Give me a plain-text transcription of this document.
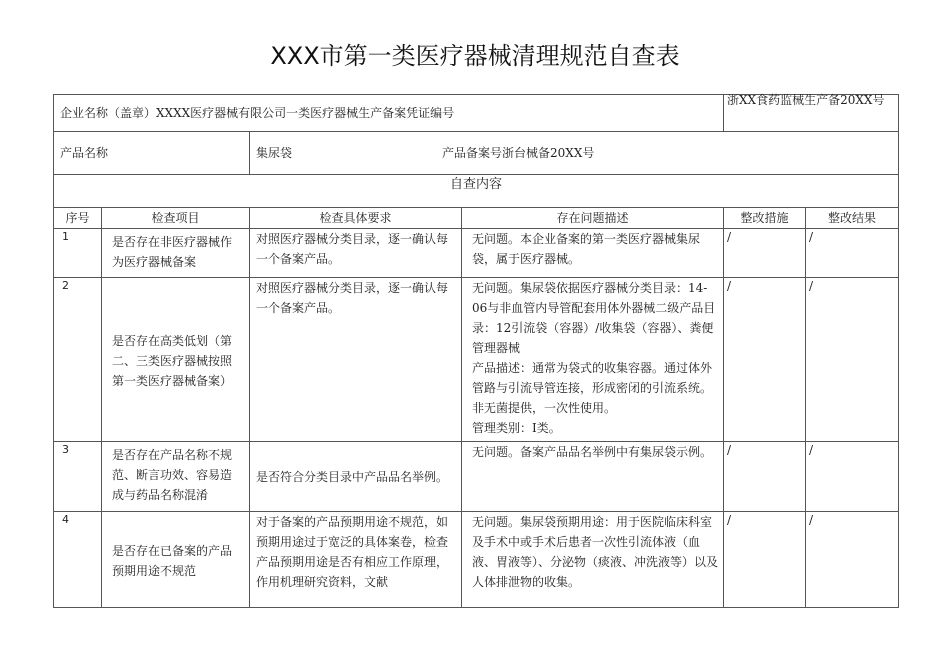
XXX市第一类医疗器械清理规范自查表
企业名称（盖章）XXXX医疗器械有限公司一类医疗器械生产备案凭证编号				浙XX食药监械生产备20XX号	
产品名称		集尿袋 产品备案号浙台械备20XX号			
自查内容					
序号	检查项目	检查具体要求	存在问题描述	整改措施	整改结果
1	是否存在非医疗器械作为医疗器械备案	对照医疗器械分类目录，逐一确认每一个备案产品。	无问题。本企业备案的第一类医疗器械集尿袋，属于医疗器械。	/	/
2	是否存在高类低划（第二、三类医疗器械按照第一类医疗器械备案）	对照医疗器械分类目录，逐一确认每一个备案产品。	无问题。集尿袋依据医疗器械分类目录：14-06与非血管内导管配套用体外器械二级产品目录：12引流袋（容器）/收集袋（容器）、粪便管理器械
产品描述：通常为袋式的收集容器。通过体外管路与引流导管连接，形成密闭的引流系统。非无菌提供，一次性使用。
管理类别：I类。	/	/
3	是否存在产品名称不规范、断言功效、容易造成与药品名称混淆	是否符合分类目录中产品品名举例。	无问题。备案产品品名举例中有集尿袋示例。	/	/
4	是否存在已备案的产品预期用途不规范	对于备案的产品预期用途不规范，如预期用途过于宽泛的具体案卷，检查产品预期用途是否有相应工作原理，作用机理研究资料，文献	无问题。集尿袋预期用途：用于医院临床科室及手术中或手术后患者一次性引流体液（血液、胃液等）、分泌物（痰液、冲洗液等）以及人体排泄物的收集。	/	/
